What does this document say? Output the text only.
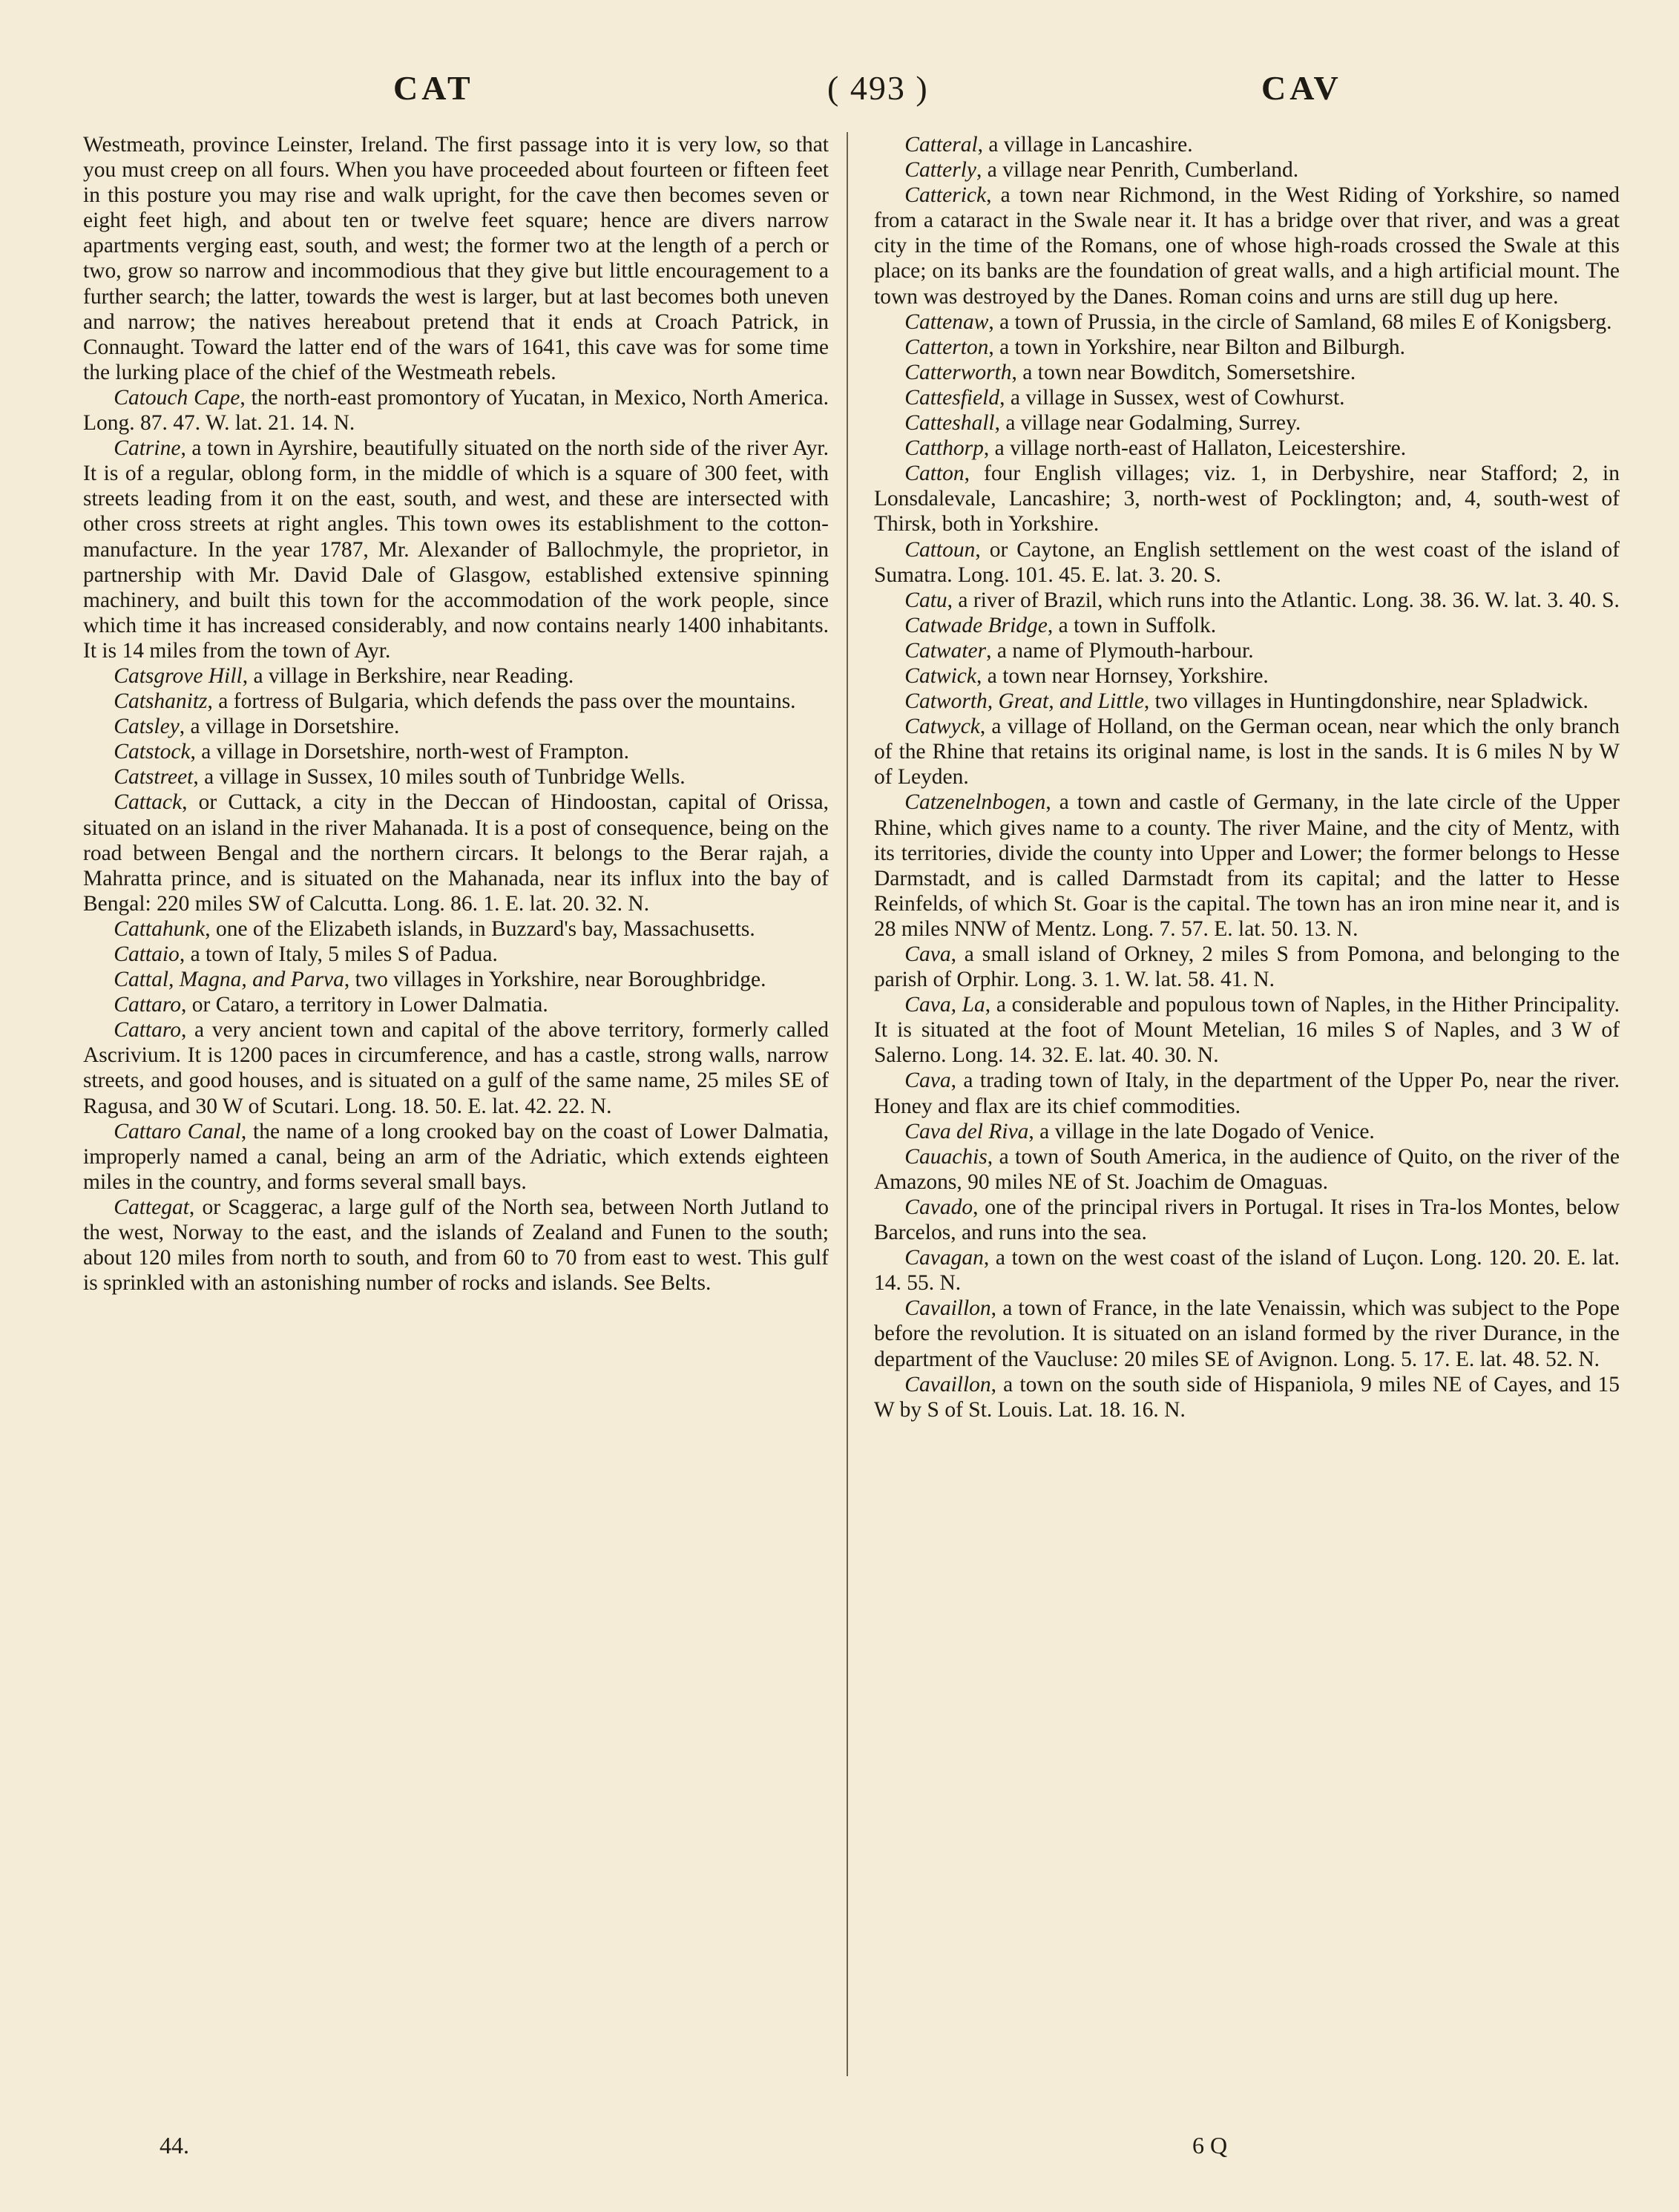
CAT	( 493 )	CAV

Westmeath, province Leinster, Ireland. The first passage into it is very low, so that you must creep on all fours. When you have proceeded about fourteen or fifteen feet in this posture you may rise and walk upright, for the cave then becomes seven or eight feet high, and about ten or twelve feet square; hence are divers narrow apartments verging east, south, and west; the former two at the length of a perch or two, grow so narrow and incommodious that they give but little encouragement to a further search; the latter, towards the west is larger, but at last becomes both uneven and narrow; the natives hereabout pretend that it ends at Croach Patrick, in Connaught. Toward the latter end of the wars of 1641, this cave was for some time the lurking place of the chief of the Westmeath rebels.

Catouch Cape, the north-east promontory of Yucatan, in Mexico, North America. Long. 87. 47. W. lat. 21. 14. N.

Catrine, a town in Ayrshire, beautifully situated on the north side of the river Ayr. It is of a regular, oblong form, in the middle of which is a square of 300 feet, with streets leading from it on the east, south, and west, and these are intersected with other cross streets at right angles. This town owes its establishment to the cotton-manufacture. In the year 1787, Mr. Alexander of Ballochmyle, the proprietor, in partnership with Mr. David Dale of Glasgow, established extensive spinning machinery, and built this town for the accommodation of the work people, since which time it has increased considerably, and now contains nearly 1400 inhabitants. It is 14 miles from the town of Ayr.

Catsgrove Hill, a village in Berkshire, near Reading.

Catshanitz, a fortress of Bulgaria, which defends the pass over the mountains.

Catsley, a village in Dorsetshire.

Catstock, a village in Dorsetshire, north-west of Frampton.

Catstreet, a village in Sussex, 10 miles south of Tunbridge Wells.

Cattack, or Cuttack, a city in the Deccan of Hindoostan, capital of Orissa, situated on an island in the river Mahanada. It is a post of consequence, being on the road between Bengal and the northern circars. It belongs to the Berar rajah, a Mahratta prince, and is situated on the Mahanada, near its influx into the bay of Bengal: 220 miles SW of Calcutta. Long. 86. 1. E. lat. 20. 32. N.

Cattahunk, one of the Elizabeth islands, in Buzzard's bay, Massachusetts.

Cattaio, a town of Italy, 5 miles S of Padua.

Cattal, Magna, and Parva, two villages in Yorkshire, near Boroughbridge.

Cattaro, or Cataro, a territory in Lower Dalmatia.

Cattaro, a very ancient town and capital of the above territory, formerly called Ascrivium. It is 1200 paces in circumference, and has a castle, strong walls, narrow streets, and good houses, and is situated on a gulf of the same name, 25 miles SE of Ragusa, and 30 W of Scutari. Long. 18. 50. E. lat. 42. 22. N.

Cattaro Canal, the name of a long crooked bay on the coast of Lower Dalmatia, improperly named a canal, being an arm of the Adriatic, which extends eighteen miles in the country, and forms several small bays.

Cattegat, or Scaggerac, a large gulf of the North sea, between North Jutland to the west, Norway to the east, and the islands of Zealand and Funen to the south; about 120 miles from north to south, and from 60 to 70 from east to west. This gulf is sprinkled with an astonishing number of rocks and islands. See Belts.

Catteral, a village in Lancashire.

Catterly, a village near Penrith, Cumberland.

Catterick, a town near Richmond, in the West Riding of Yorkshire, so named from a cataract in the Swale near it. It has a bridge over that river, and was a great city in the time of the Romans, one of whose high-roads crossed the Swale at this place; on its banks are the foundation of great walls, and a high artificial mount. The town was destroyed by the Danes. Roman coins and urns are still dug up here.

Cattenaw, a town of Prussia, in the circle of Samland, 68 miles E of Konigsberg.

Catterton, a town in Yorkshire, near Bilton and Bilburgh.

Catterworth, a town near Bowditch, Somersetshire.

Cattesfield, a village in Sussex, west of Cowhurst.

Catteshall, a village near Godalming, Surrey.

Catthorp, a village north-east of Hallaton, Leicestershire.

Catton, four English villages; viz. 1, in Derbyshire, near Stafford; 2, in Lonsdalevale, Lancashire; 3, north-west of Pocklington; and, 4, south-west of Thirsk, both in Yorkshire.

Cattoun, or Caytone, an English settlement on the west coast of the island of Sumatra. Long. 101. 45. E. lat. 3. 20. S.

Catu, a river of Brazil, which runs into the Atlantic. Long. 38. 36. W. lat. 3. 40. S.

Catwade Bridge, a town in Suffolk.

Catwater, a name of Plymouth-harbour.

Catwick, a town near Hornsey, Yorkshire.

Catworth, Great, and Little, two villages in Huntingdonshire, near Spladwick.

Catwyck, a village of Holland, on the German ocean, near which the only branch of the Rhine that retains its original name, is lost in the sands. It is 6 miles N by W of Leyden.

Catzenelnbogen, a town and castle of Germany, in the late circle of the Upper Rhine, which gives name to a county. The river Maine, and the city of Mentz, with its territories, divide the county into Upper and Lower; the former belongs to Hesse Darmstadt, and is called Darmstadt from its capital; and the latter to Hesse Reinfelds, of which St. Goar is the capital. The town has an iron mine near it, and is 28 miles NNW of Mentz. Long. 7. 57. E. lat. 50. 13. N.

Cava, a small island of Orkney, 2 miles S from Pomona, and belonging to the parish of Orphir. Long. 3. 1. W. lat. 58. 41. N.

Cava, La, a considerable and populous town of Naples, in the Hither Principality. It is situated at the foot of Mount Metelian, 16 miles S of Naples, and 3 W of Salerno. Long. 14. 32. E. lat. 40. 30. N.

Cava, a trading town of Italy, in the department of the Upper Po, near the river. Honey and flax are its chief commodities.

Cava del Riva, a village in the late Dogado of Venice.

Cauachis, a town of South America, in the audience of Quito, on the river of the Amazons, 90 miles NE of St. Joachim de Omaguas.

Cavado, one of the principal rivers in Portugal. It rises in Tra-los Montes, below Barcelos, and runs into the sea.

Cavagan, a town on the west coast of the island of Luçon. Long. 120. 20. E. lat. 14. 55. N.

Cavaillon, a town of France, in the late Venaissin, which was subject to the Pope before the revolution. It is situated on an island formed by the river Durance, in the department of the Vaucluse: 20 miles SE of Avignon. Long. 5. 17. E. lat. 48. 52. N.

Cavaillon, a town on the south side of Hispaniola, 9 miles NE of Cayes, and 15 W by S of St. Louis. Lat. 18. 16. N.

44.	6 Q
